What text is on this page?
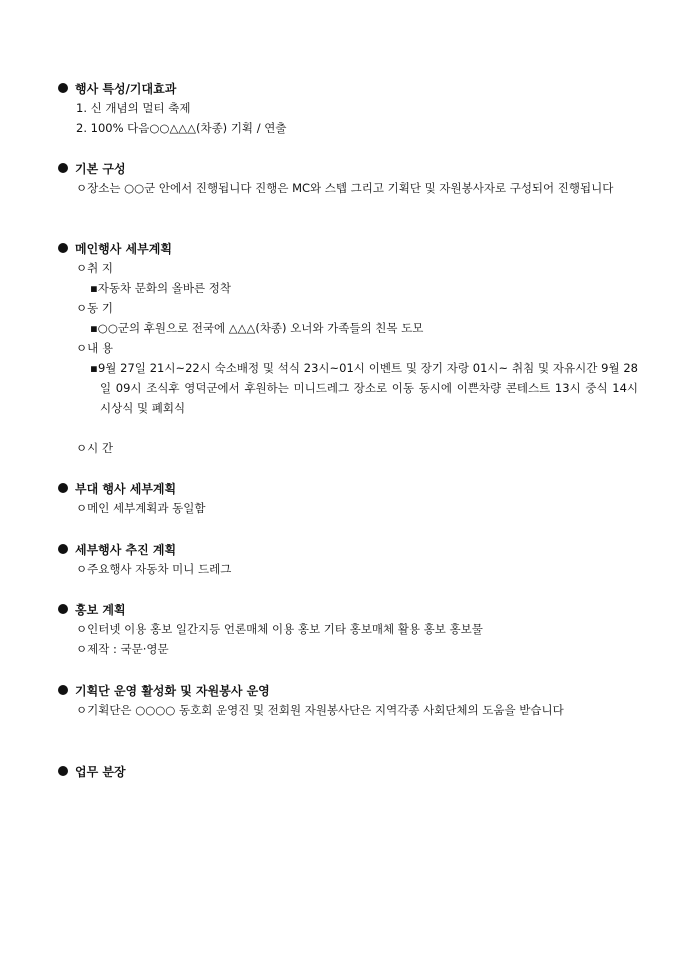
행사 특성/기대효과
1. 신 개념의 멀티 축제
2. 100% 다음○○△△△(차종) 기획 / 연출
기본 구성
ㅇ장소는 ○○군 안에서 진행됩니다 진행은 MC와 스텝 그리고 기획단 및 자원봉사자로 구성되어 진행됩니다
메인행사 세부계획
ㅇ취 지
▪자동차 문화의 올바른 정착
ㅇ동 기
▪○○군의 후원으로 전국에 △△△(차종) 오너와 가족들의 친목 도모
ㅇ내 용
▪9월 27일 21시~22시 숙소배정 및 석식 23시~01시 이벤트 및 장기 자랑 01시~ 취침 및 자유시간 9월 28일 09시 조식후 영덕군에서 후원하는 미니드레그 장소로 이동 동시에 이쁜차량 콘테스트 13시 중식 14시 시상식 및 폐회식
ㅇ시 간
부대 행사 세부계획
ㅇ메인 세부계획과 동일함
세부행사 추진 계획
ㅇ주요행사 자동차 미니 드레그
홍보 계획
ㅇ인터넷 이용 홍보 일간지등 언론매체 이용 홍보 기타 홍보매체 활용 홍보 홍보물
ㅇ제작 : 국문·영문
기획단 운영 활성화 및 자원봉사 운영
ㅇ기획단은 ○○○○ 동호회 운영진 및 전회원 자원봉사단은 지역각종 사회단체의 도움을 받습니다
업무 분장
